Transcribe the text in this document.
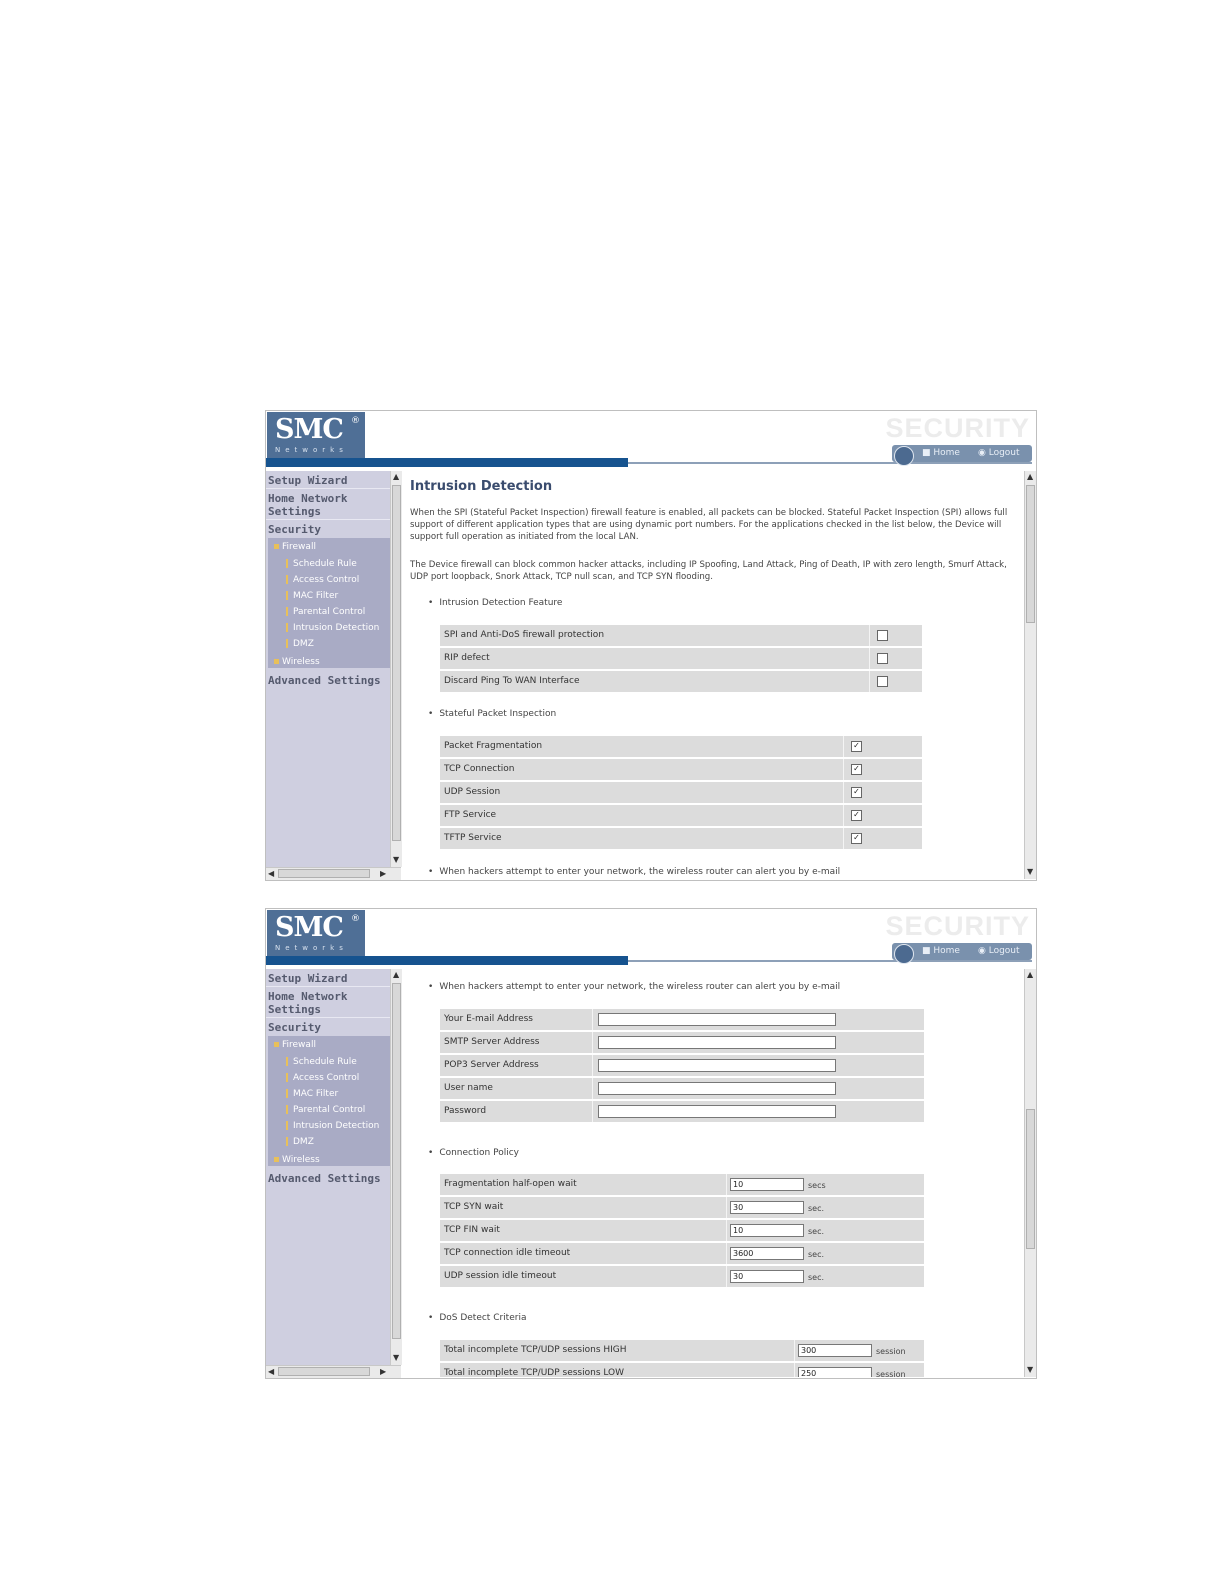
SMC ®
Networks
SECURITY
■ Home ◉ Logout
Setup Wizard
Home Network
Settings
Security
Firewall
Schedule Rule
Access Control
MAC Filter
Parental Control
Intrusion Detection
DMZ
Wireless
Advanced Settings
▲
▼
◀	▶
Intrusion Detection
When the SPI (Stateful Packet Inspection) firewall feature is enabled, all packets can be blocked. Stateful Packet Inspection (SPI) allows full support of different application types that are using dynamic port numbers. For the applications checked in the list below, the Device will support full operation as initiated from the local LAN.
The Device firewall can block common hacker attacks, including IP Spoofing, Land Attack, Ping of Death, IP with zero length, Smurf Attack, UDP port loopback, Snork Attack, TCP null scan, and TCP SYN flooding.
• Intrusion Detection Feature
SPI and Anti-DoS firewall protection
RIP defect
Discard Ping To WAN Interface
• Stateful Packet Inspection
Packet Fragmentation	✓
TCP Connection	✓
UDP Session	✓
FTP Service	✓
TFTP Service	✓
• When hackers attempt to enter your network, the wireless router can alert you by e-mail
▲
▼
SMC ®
Networks
SECURITY
■ Home ◉ Logout
Setup Wizard
Home Network
Settings
Security
Firewall
Schedule Rule
Access Control
MAC Filter
Parental Control
Intrusion Detection
DMZ
Wireless
Advanced Settings
▲
▼
◀	▶
• When hackers attempt to enter your network, the wireless router can alert you by e-mail
Your E-mail Address
SMTP Server Address
POP3 Server Address
User name
Password
• Connection Policy
Fragmentation half-open wait	10	secs
TCP SYN wait	30	sec.
TCP FIN wait	10	sec.
TCP connection idle timeout	3600	sec.
UDP session idle timeout	30	sec.
• DoS Detect Criteria
Total incomplete TCP/UDP sessions HIGH	300	session
Total incomplete TCP/UDP sessions LOW	250	session
▲
▼
